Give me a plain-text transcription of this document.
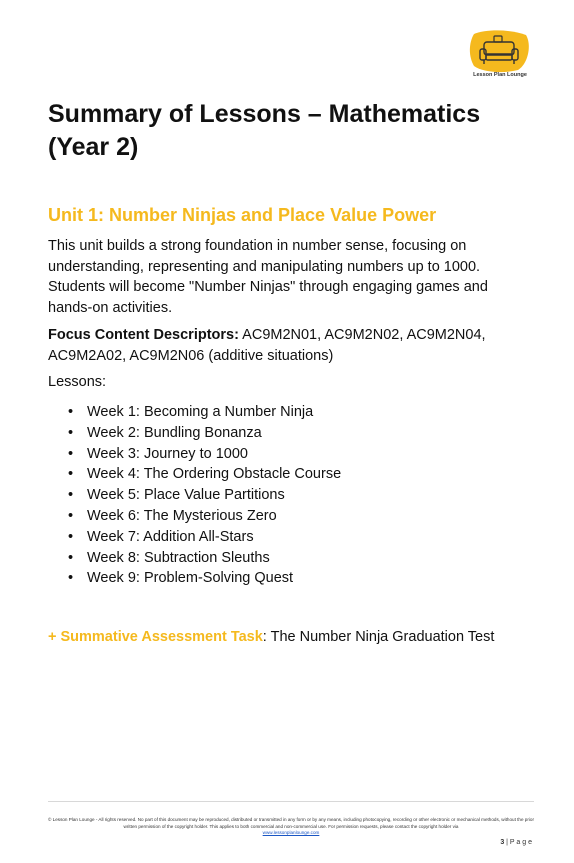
Lesson Plan Lounge
Summary of Lessons – Mathematics (Year 2)
Unit 1: Number Ninjas and Place Value Power

This unit builds a strong foundation in number sense, focusing on understanding, representing and manipulating numbers up to 1000. Students will become "Number Ninjas" through engaging games and hands-on activities.

Focus Content Descriptors: AC9M2N01, AC9M2N02, AC9M2N04, AC9M2A02, AC9M2N06 (additive situations)

Lessons:

• Week 1: Becoming a Number Ninja
• Week 2: Bundling Bonanza
• Week 3: Journey to 1000
• Week 4: The Ordering Obstacle Course
• Week 5: Place Value Partitions
• Week 6: The Mysterious Zero
• Week 7: Addition All-Stars
• Week 8: Subtraction Sleuths
• Week 9: Problem-Solving Quest

+ Summative Assessment Task: The Number Ninja Graduation Test

© Lesson Plan Lounge - All rights reserved. No part of this document may be reproduced, distributed or transmitted in any form or by any means, including photocopying, recording or other electronic or mechanical methods, without the prior written permission of the copyright holder. This applies to both commercial and non-commercial use. For permission requests, please contact the copyright holder via
www.lessonplanlounge.com

3 | P a g e
